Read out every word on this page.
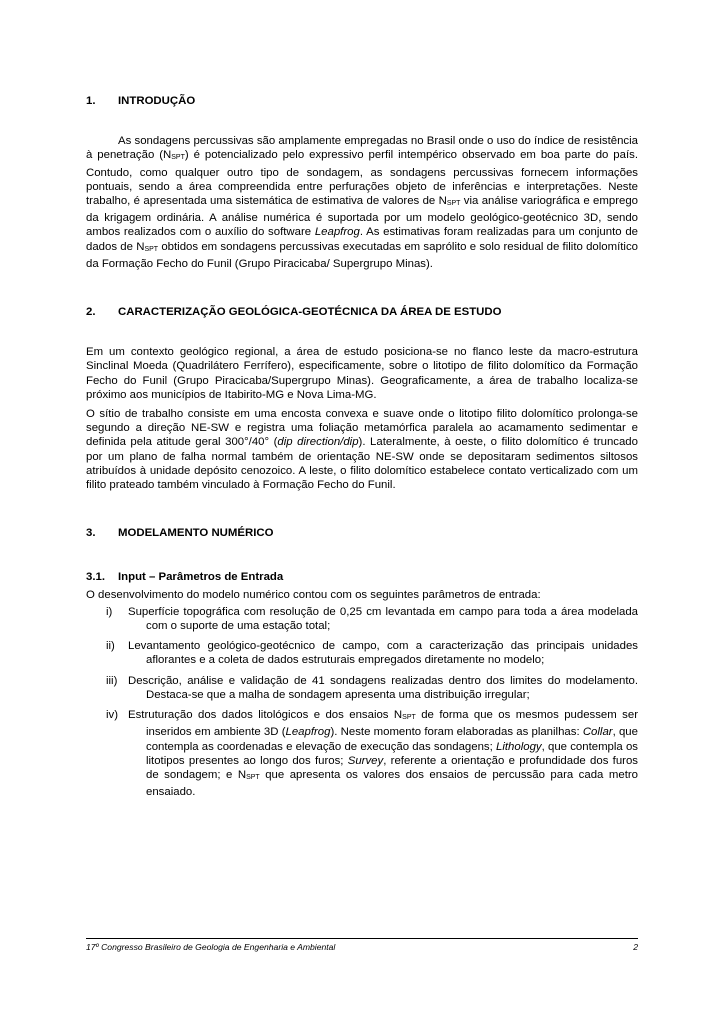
1.	INTRODUÇÃO

As sondagens percussivas são amplamente empregadas no Brasil onde o uso do índice de resistência à penetração $(N_{SPT})$ é potencializado pelo expressivo perfil intempérico observado em boa parte do país. Contudo, como qualquer outro tipo de sondagem, as sondagens percussivas fornecem informações pontuais, sendo a área compreendida entre perfurações objeto de inferências e interpretações. Neste trabalho, é apresentada uma sistemática de estimativa de valores de $N_{SPT}$ via análise variográfica e emprego da krigagem ordinária. A análise numérica é suportada por um modelo geológico-geotécnico 3D, sendo ambos realizados com o auxílio do software Leapfrog. As estimativas foram realizadas para um conjunto de dados de $N_{SPT}$ obtidos em sondagens percussivas executadas em saprólito e solo residual de filito dolomítico da Formação Fecho do Funil (Grupo Piracicaba/ Supergrupo Minas).

2.	CARACTERIZAÇÃO GEOLÓGICA-GEOTÉCNICA DA ÁREA DE ESTUDO

Em um contexto geológico regional, a área de estudo posiciona-se no flanco leste da macro-estrutura Sinclinal Moeda (Quadrilátero Ferrífero), especificamente, sobre o litotipo de filito dolomítico da Formação Fecho do Funil (Grupo Piracicaba/Supergrupo Minas). Geograficamente, a área de trabalho localiza-se próximo aos municípios de Itabirito-MG e Nova Lima-MG.

O sítio de trabalho consiste em uma encosta convexa e suave onde o litotipo filito dolomítico prolonga-se segundo a direção NE-SW e registra uma foliação metamórfica paralela ao acamamento sedimentar e definida pela atitude geral 300°/40° (dip direction/dip). Lateralmente, à oeste, o filito dolomítico é truncado por um plano de falha normal também de orientação NE-SW onde se depositaram sedimentos siltosos atribuídos à unidade depósito cenozoico. A leste, o filito dolomítico estabelece contato verticalizado com um filito prateado também vinculado à Formação Fecho do Funil.

3.	MODELAMENTO NUMÉRICO
3.1.	Input – Parâmetros de Entrada

O desenvolvimento do modelo numérico contou com os seguintes parâmetros de entrada:

i) Superfície topográfica com resolução de 0,25 cm levantada em campo para toda a área modelada com o suporte de uma estação total;
ii) Levantamento geológico-geotécnico de campo, com a caracterização das principais unidades aflorantes e a coleta de dados estruturais empregados diretamente no modelo;
iii) Descrição, análise e validação de 41 sondagens realizadas dentro dos limites do modelamento. Destaca-se que a malha de sondagem apresenta uma distribuição irregular;
iv) Estruturação dos dados litológicos e dos ensaios $N_{SPT}$ de forma que os mesmos pudessem ser inseridos em ambiente 3D (Leapfrog). Neste momento foram elaboradas as planilhas: Collar, que contempla as coordenadas e elevação de execução das sondagens; Lithology, que contempla os litotipos presentes ao longo dos furos; Survey, referente a orientação e profundidade dos furos de sondagem; e $N_{SPT}$ que apresenta os valores dos ensaios de percussão para cada metro ensaiado.
17º Congresso Brasileiro de Geologia de Engenharia e Ambiental	2
